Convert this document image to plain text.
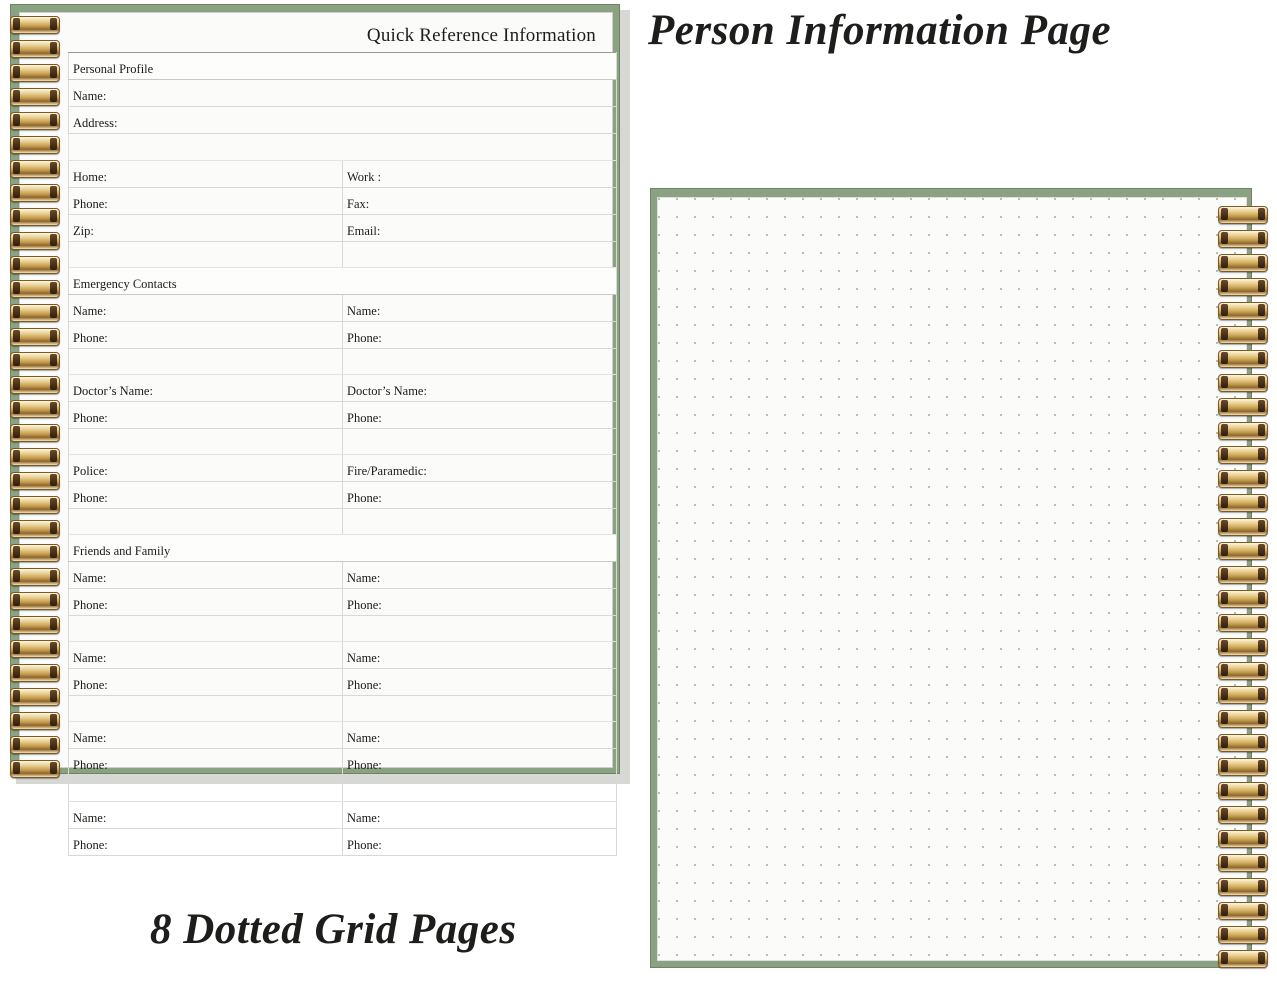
Quick Reference Information
Personal Profile	
Name:	
Address:	

Home:	Work :
Phone:	Fax:
Zip:	Email:

Emergency Contacts	
Name:	Name:
Phone:	Phone:

Doctor’s Name:	Doctor’s Name:
Phone:	Phone:

Police:	Fire/Paramedic:
Phone:	Phone:

Friends and Family	
Name:	Name:
Phone:	Phone:

Name:	Name:
Phone:	Phone:

Name:	Name:
Phone:	Phone:

Name:	Name:
Phone:	Phone:
Person Information Page
8 Dotted Grid Pages
